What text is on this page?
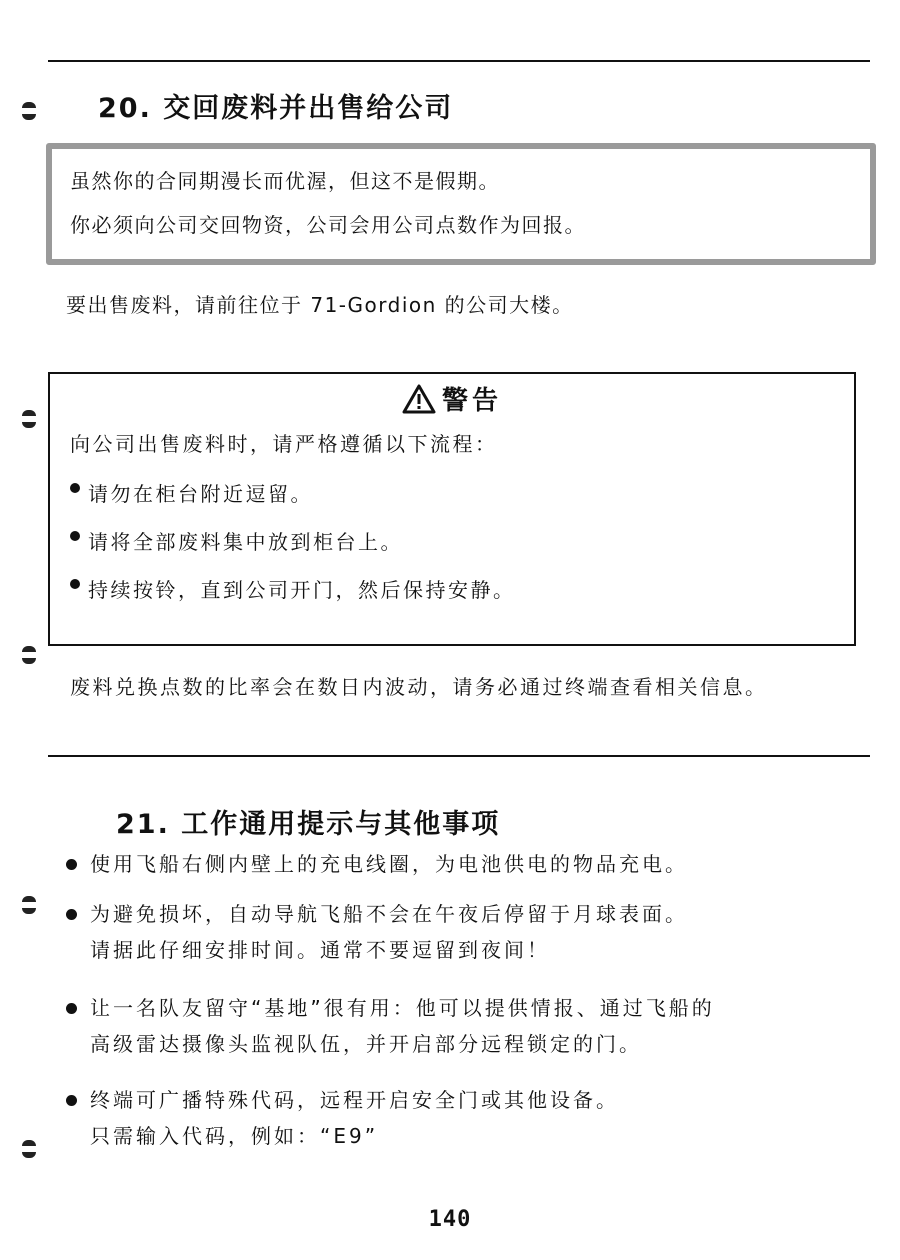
20. 交回废料并出售给公司
虽然你的合同期漫长而优渥，但这不是假期。
你必须向公司交回物资，公司会用公司点数作为回报。
要出售废料，请前往位于 71-Gordion 的公司大楼。
警告
向公司出售废料时，请严格遵循以下流程：
请勿在柜台附近逗留。
请将全部废料集中放到柜台上。
持续按铃，直到公司开门，然后保持安静。
废料兑换点数的比率会在数日内波动，请务必通过终端查看相关信息。
21. 工作通用提示与其他事项
使用飞船右侧内壁上的充电线圈，为电池供电的物品充电。
为避免损坏，自动导航飞船不会在午夜后停留于月球表面。
请据此仔细安排时间。通常不要逗留到夜间！
让一名队友留守“基地”很有用：他可以提供情报、通过飞船的
高级雷达摄像头监视队伍，并开启部分远程锁定的门。
终端可广播特殊代码，远程开启安全门或其他设备。
只需输入代码，例如：“E9”
140
